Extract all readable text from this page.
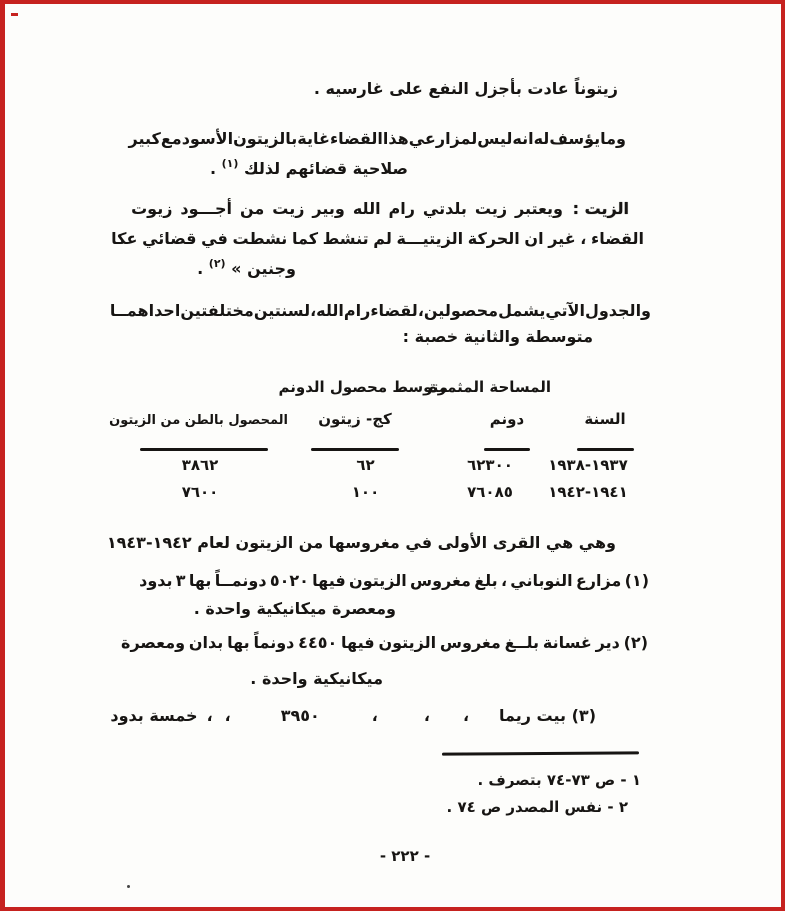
زيتوناً عادت بأجزل النفع على غارسيه .
وما
يؤسف
له
انه
ليس
لمزارعي
هذا
القضاء
غاية
بالزيتون
الأسود
مع
كبير
صلاحية قضائهم لذلك $^{(١)}$ .
الزيت :
ويعتبر
زيت
بلدتي
رام
الله
وبير
زيت
من
أجـــود
زيوت
القضاء
،
غير
ان
الحركة
الزيتيـــة
لم
تنشط
كما
نشطت
في
قضائي
عكا
وجنين » $^{(٢)}$ .
والجدول
الآتي
يشمل
محصولين
،
لقضاء
رام
الله
،
لسنتين
مختلفتين
احداهمــا
متوسطة والثانية خصبة :
المساحة المثمرة
متوسط محصول الدونم
السنة
دونم
كج- زيتون
المحصول بالطن من الزيتون
١٩٣٧-١٩٣٨
٦٢٣٠٠
٦٢
٣٨٦٢
١٩٤١-١٩٤٢
٧٦٠٨٥
١٠٠
٧٦٠٠
وهي هي القرى الأولى في مغروسها من الزيتون لعام ١٩٤٢-١٩٤٣
(١)
مزارع
النوباني
،
بلغ
مغروس
الزيتون
فيها
٥٠٢٠
دونمــاً
بها
٣
بدود
ومعصرة ميكانيكية واحدة .
(٢)
دير
غسانة
بلــغ
مغروس
الزيتون
فيها
٤٤٥٠
دونماً
بها
بدان
ومعصرة
ميكانيكية واحدة .
(٣) بيت ريما
،
،
،
٣٩٥٠
،
،
خمسة بدود
١ - ص ٧٣-٧٤ بتصرف .
٢ - نفس المصدر ص ٧٤ .
- ٢٢٢ -
